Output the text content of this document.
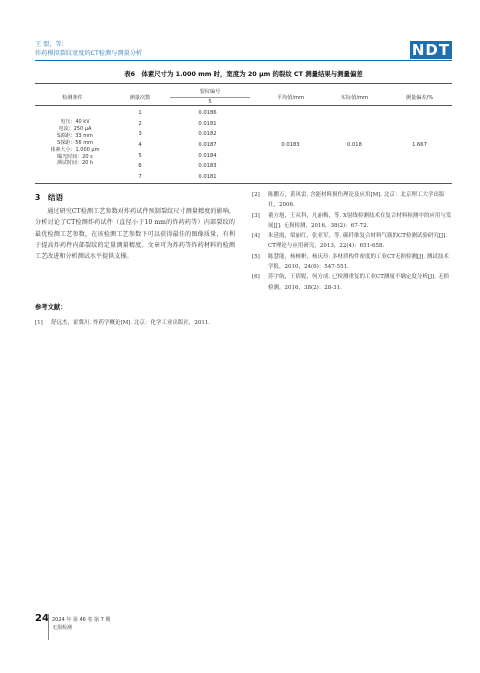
王 盟，等:
炸药模拟裂纹宽度的CT检测与测量分析	NDT
表6　体素尺寸为 1.000 mm 时，宽度为 20 μm 的裂纹 CT 测量结果与测量偏差
检测条件	测量次数
裂纹编号
5
平均值/mm	实际值/mm	测量偏差/%
电压：40 kV
电流：250 μA
S源距：33 mm
S探距：56 mm
体素大小：1.000 μm
曝光时间：20 s
测试时间：20 h
1	0.0186
2	0.0181
3	0.0182
4	0.0187
5	0.0184
6	0.0183
7	0.0181
0.0183	0.018	1.667
3　结语
通过研究CT检测工艺参数对炸药试件预制裂纹尺寸测量精度的影响，分析讨论了CT检测炸药试件（直径小于10 mm的炸药药等）内部裂纹的最优检测工艺参数，在该检测工艺参数下可以获得最佳的图像质量，有利于提高炸药件内部裂纹的定量测量精度。文章可为炸药等炸药材料的检测工艺改进和分析测试水平提供支撑。
参考文献：
[1]	舒远杰，霍冀川. 炸药学概论[M]. 北京：化学工业出版社，2011.
[2]	陈鹏万，黄风雷. 含能材料损伤理论及应用[M]. 北京：北京理工大学出版社，2006.
[3]	董方旭，王从科，凡丽梅，等. X射线检测技术在复合材料检测中的应用与发展[J]. 无损检测，2016，38(2)：67-72.
[4]	朱延霞，梁丽红，张亚军，等. 碳纤维复合材料气瓶的CT检测试验研究[J]. CT理论与应用研究，2013，22(4)：651-658.
[5]	陈慧能，杨树彬，杨庆玲. 多材质构件密度的工业CT无损检测[J]. 测试技术学报，2010，24(6)：547-551.
[6]	苏宇航，王倩妮，何方成. 已检测重复的工业CT测量不确定度分析[J]. 无损检测，2016，38(2)：28-31.
24 2024 年 第 46 卷 第 7 期
无损检测
